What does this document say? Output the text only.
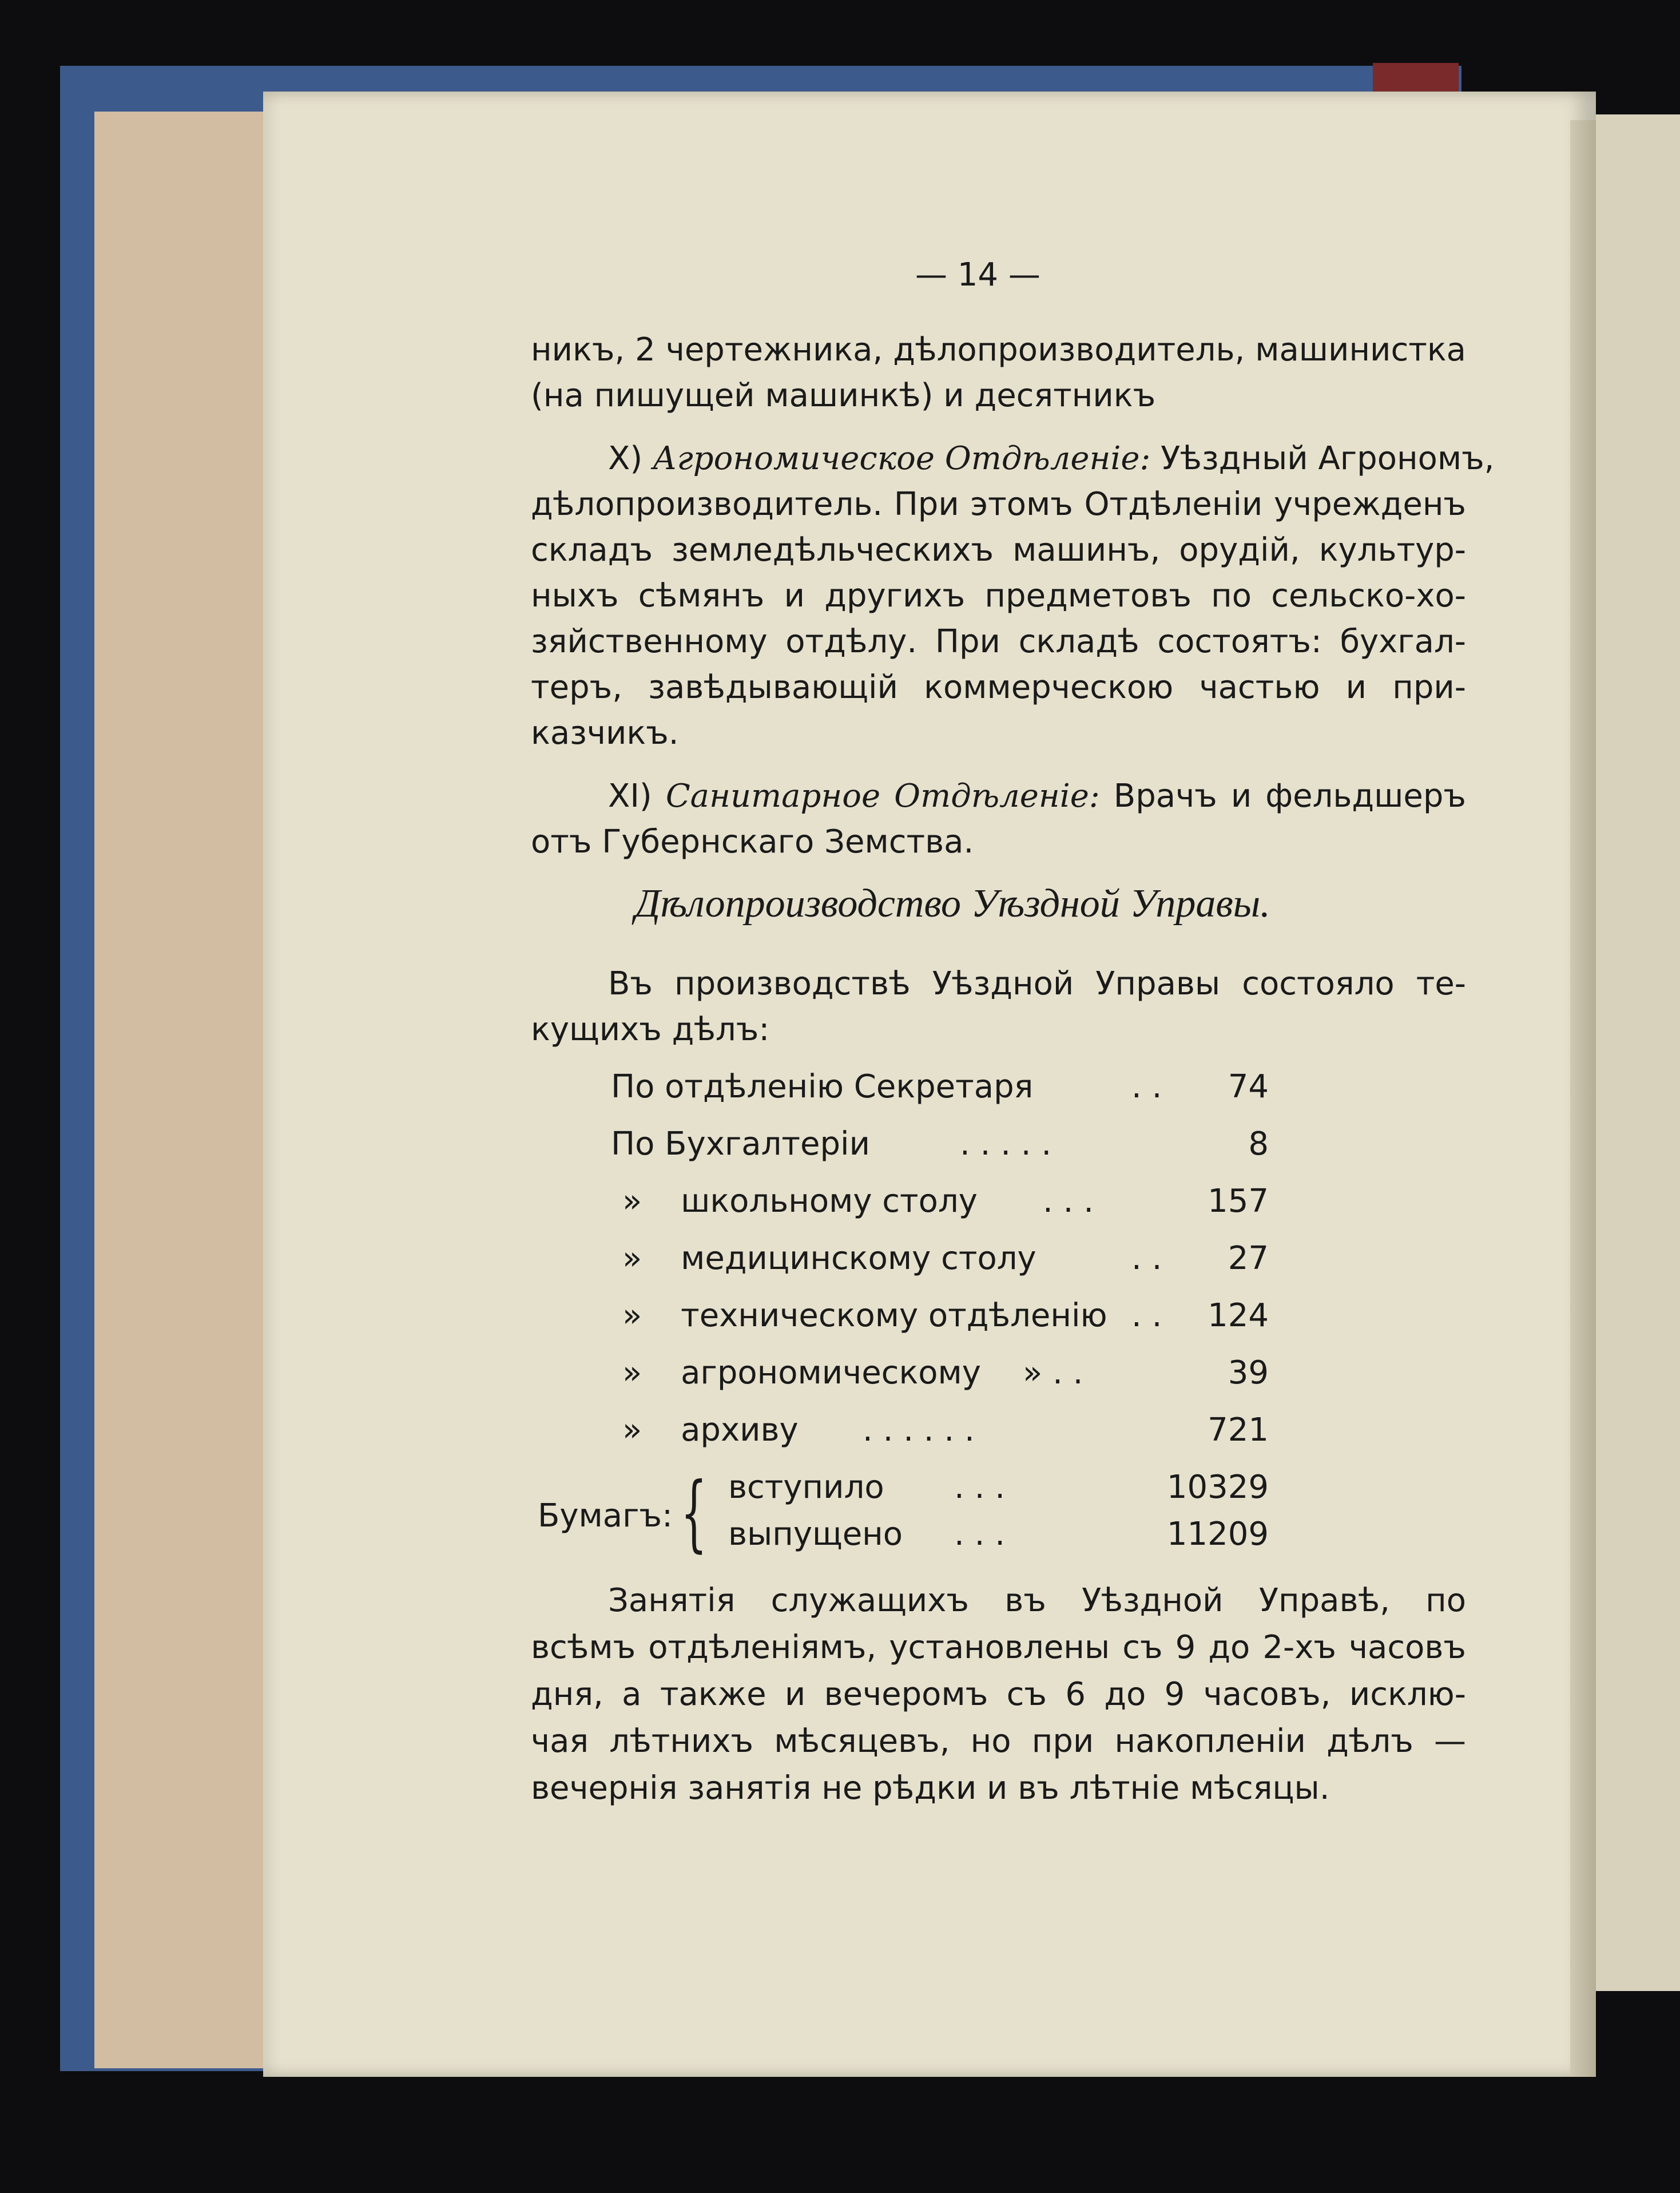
— 14 —
никъ, 2 чертежника, дѣлопроизводитель, машинистка
(на пишущей машинкѣ) и десятникъ
X) Агрономическое Отдѣленіе: Уѣздный Агрономъ,
дѣлопроизводитель. При этомъ Отдѣленіи учрежденъ
складъ земледѣльческихъ машинъ, орудій, культур-
ныхъ сѣмянъ и другихъ предметовъ по сельско-хо-
зяйственному отдѣлу. При складѣ состоятъ: бухгал-
теръ, завѣдывающій коммерческою частью и при-
казчикъ.
XI) Санитарное Отдѣленіе: Врачъ и фельдшеръ
отъ Губернскаго Земства.
Дѣлопроизводство Уѣздной Управы.
Въ производствѣ Уѣздной Управы состояло те-
кущихъ дѣлъ:
По отдѣленію Секретаря	. .	74
По Бухгалтеріи	. . . . .	8
» школьному столу . . .	157
» медицинскому столу	. .	27
» техническому отдѣленію . .	124
» агрономическому » . .	39
» архиву . . . . . .	721
Бумагъ: { вступило . . .	10329
выпущено . . .	11209
Занятія служащихъ въ Уѣздной Управѣ, по
всѣмъ отдѣленіямъ, установлены съ 9 до 2-хъ часовъ
дня, а также и вечеромъ съ 6 до 9 часовъ, исклю-
чая лѣтнихъ мѣсяцевъ, но при накопленіи дѣлъ —
вечернія занятія не рѣдки и въ лѣтніе мѣсяцы.
